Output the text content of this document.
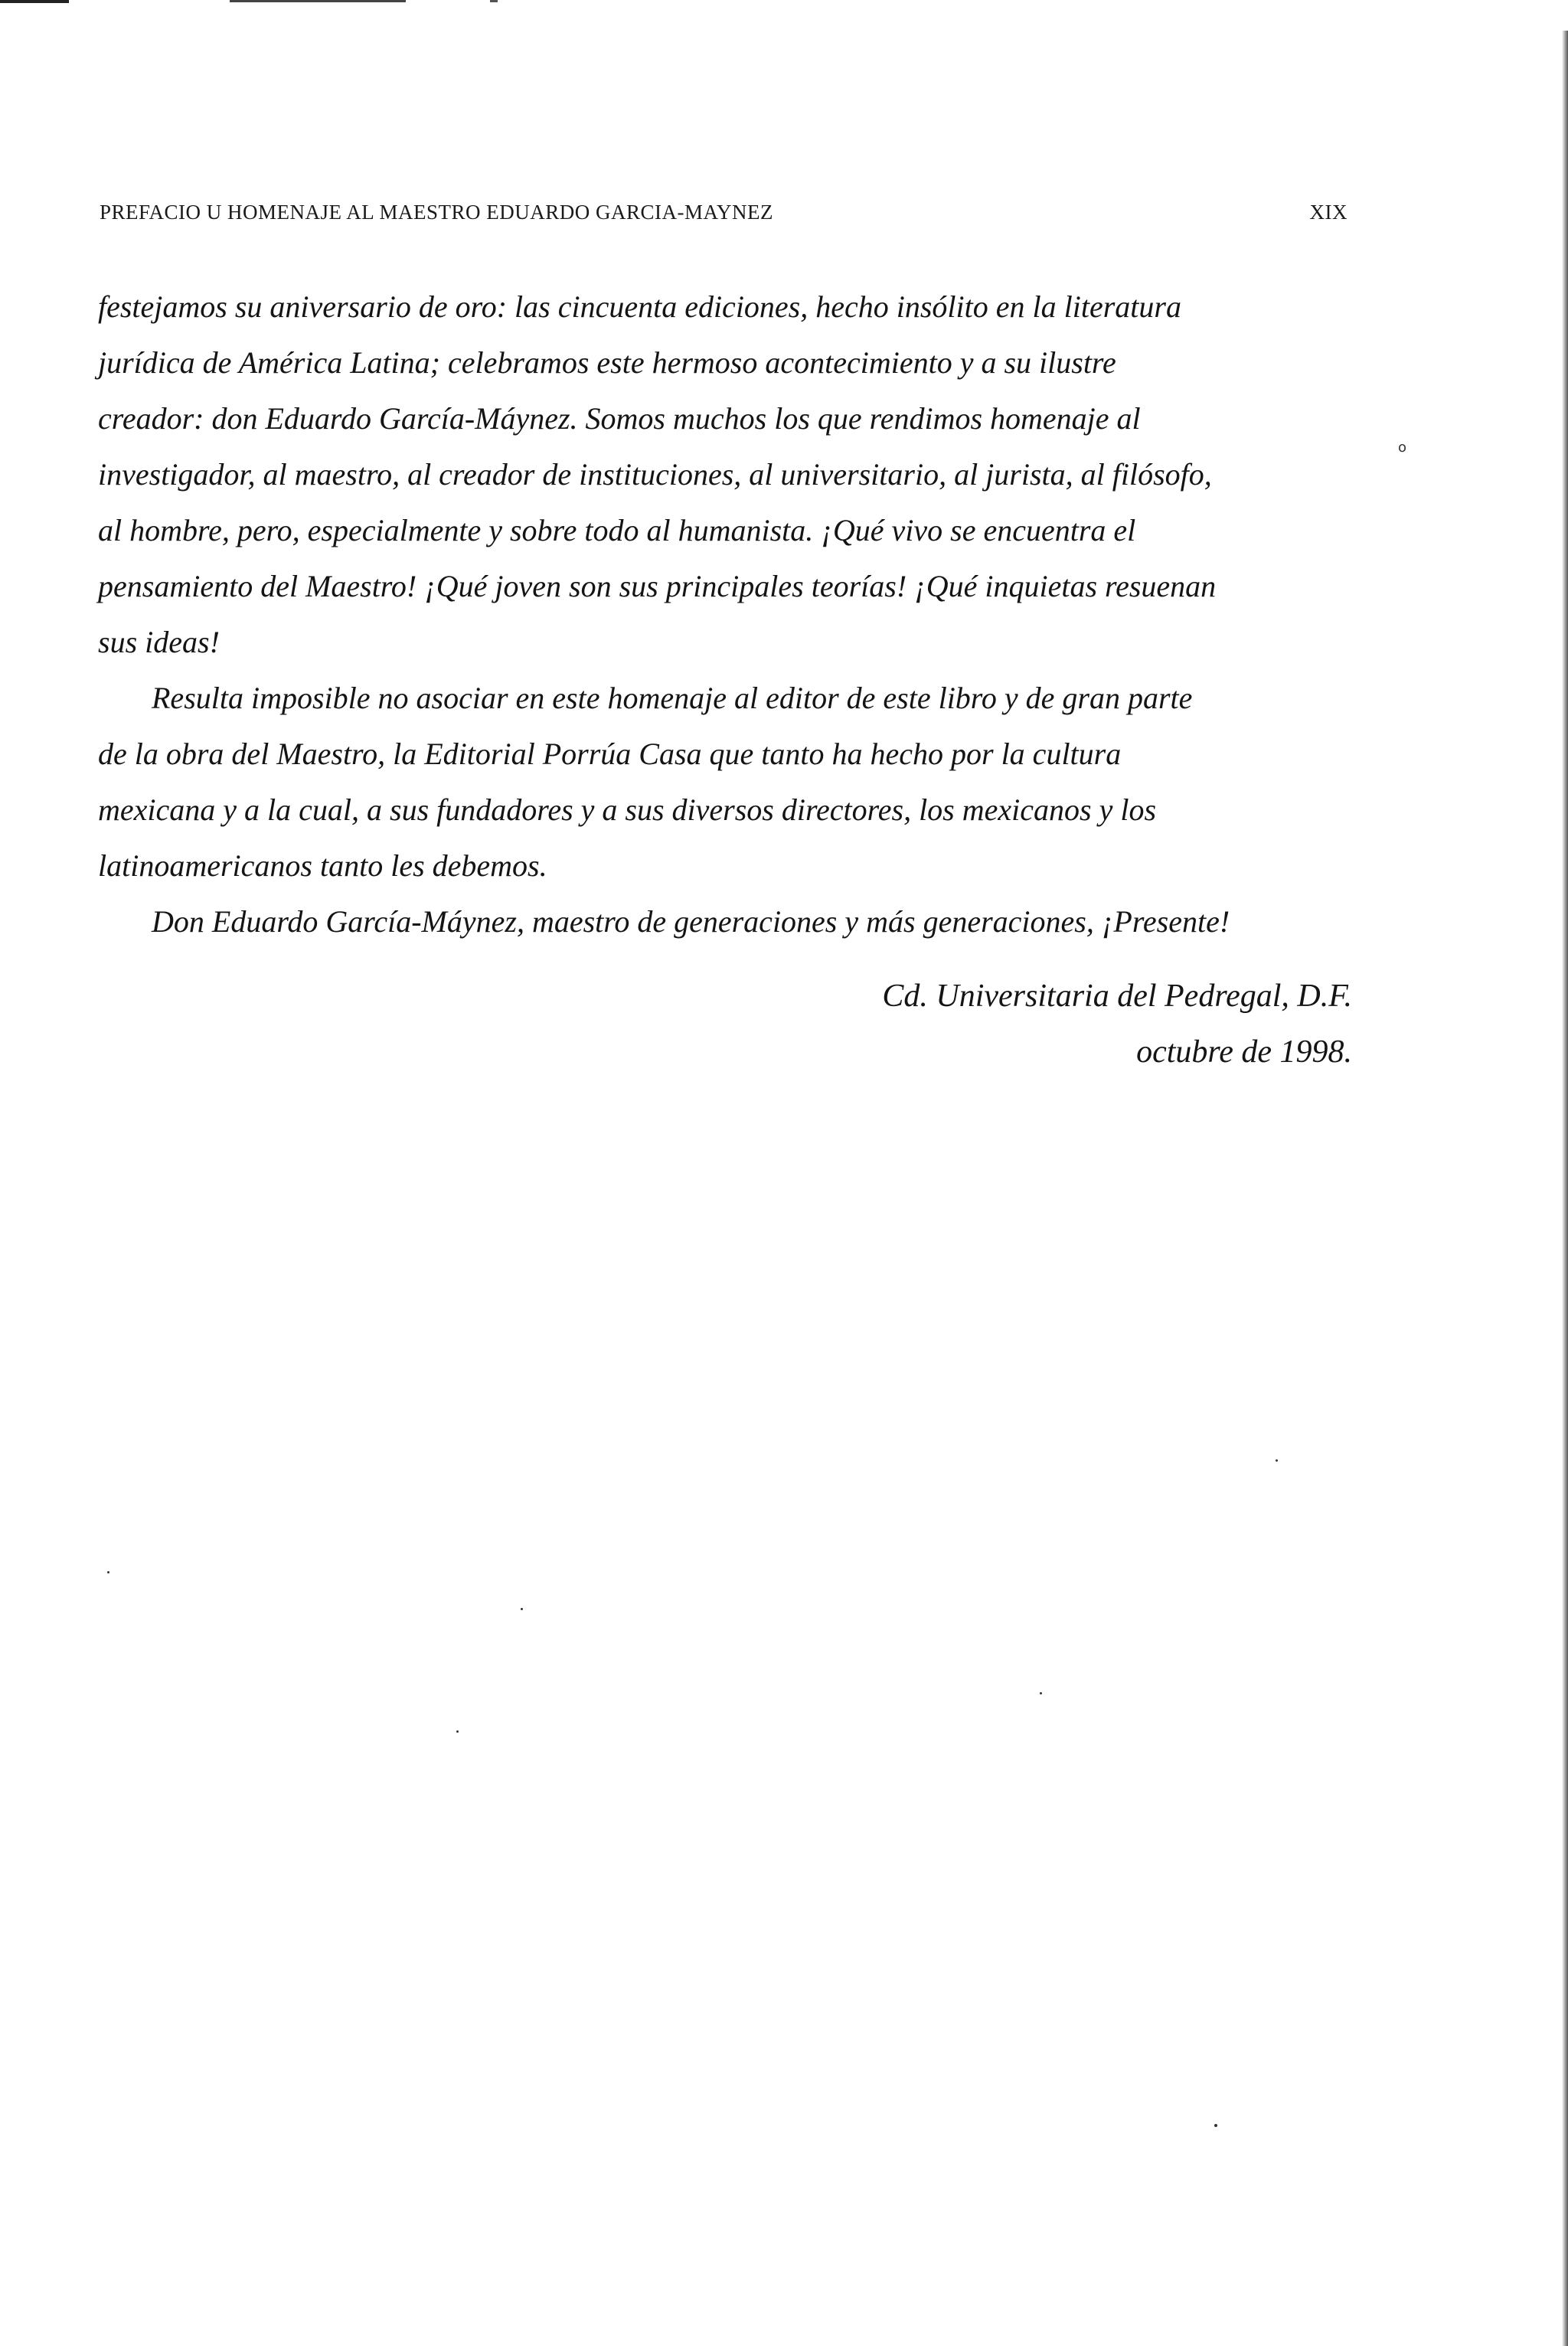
PREFACIO U HOMENAJE AL MAESTRO EDUARDO GARCIA-MAYNEZ	XIX
o

festejamos su aniversario de oro: las cincuenta ediciones, hecho insólito en la literatura
jurídica de América Latina; celebramos este hermoso acontecimiento y a su ilustre
creador: don Eduardo García-Máynez. Somos muchos los que rendimos homenaje al
investigador, al maestro, al creador de instituciones, al universitario, al jurista, al filósofo,
al hombre, pero, especialmente y sobre todo al humanista. ¡Qué vivo se encuentra el
pensamiento del Maestro! ¡Qué joven son sus principales teorías! ¡Qué inquietas resuenan
sus ideas!

Resulta imposible no asociar en este homenaje al editor de este libro y de gran parte
de la obra del Maestro, la Editorial Porrúa Casa que tanto ha hecho por la cultura
mexicana y a la cual, a sus fundadores y a sus diversos directores, los mexicanos y los
latinoamericanos tanto les debemos.

Don Eduardo García-Máynez, maestro de generaciones y más generaciones, ¡Presente!

Cd. Universitaria del Pedregal, D.F.
octubre de 1998.
